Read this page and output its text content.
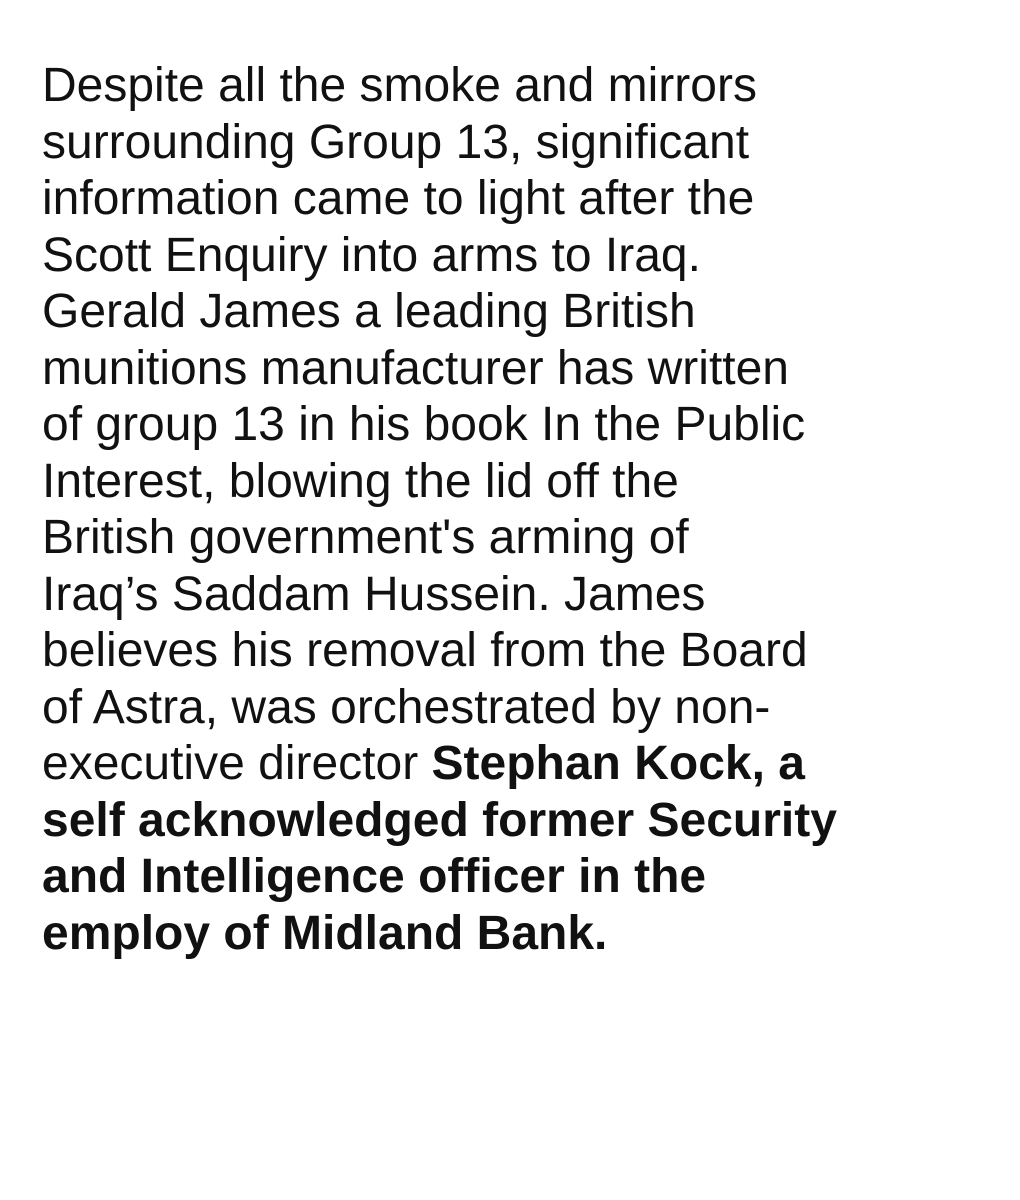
Despite all the smoke and mirrors
surrounding Group 13, significant
information came to light after the
Scott Enquiry into arms to Iraq.
Gerald James a leading British
munitions manufacturer has written
of group 13 in his book In the Public
Interest, blowing the lid off the
British government's arming of
Iraq’s Saddam Hussein. James
believes his removal from the Board
of Astra, was orchestrated by non-
executive director Stephan Kock, a
self acknowledged former Security
and Intelligence officer in the
employ of Midland Bank.
